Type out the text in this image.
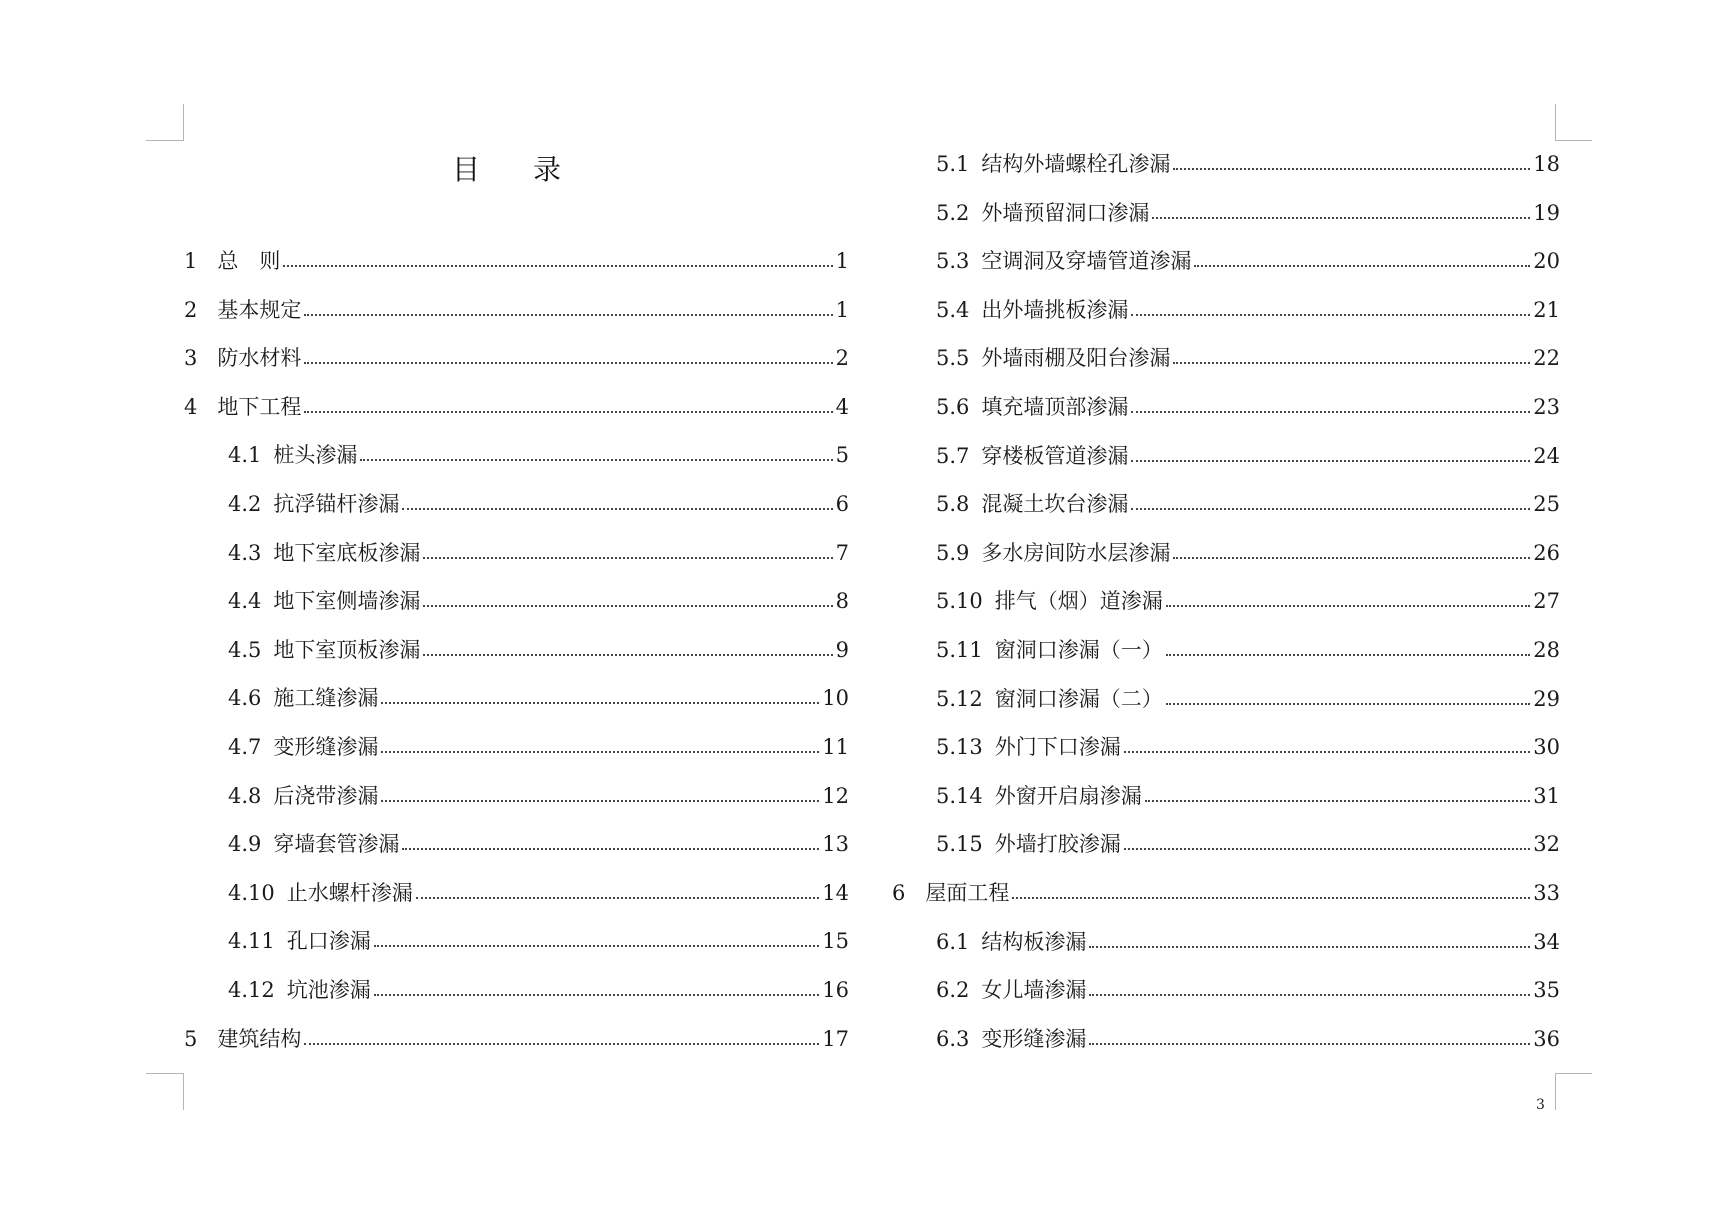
目 录
1 总　则	1
2 基本规定	1
3 防水材料	2
4 地下工程	4
4.1 桩头渗漏	5
4.2 抗浮锚杆渗漏	6
4.3 地下室底板渗漏	7
4.4 地下室侧墙渗漏	8
4.5 地下室顶板渗漏	9
4.6 施工缝渗漏	10
4.7 变形缝渗漏	11
4.8 后浇带渗漏	12
4.9 穿墙套管渗漏	13
4.10 止水螺杆渗漏	14
4.11 孔口渗漏	15
4.12 坑池渗漏	16
5 建筑结构	17
5.1 结构外墙螺栓孔渗漏	18
5.2 外墙预留洞口渗漏	19
5.3 空调洞及穿墙管道渗漏	20
5.4 出外墙挑板渗漏	21
5.5 外墙雨棚及阳台渗漏	22
5.6 填充墙顶部渗漏	23
5.7 穿楼板管道渗漏	24
5.8 混凝土坎台渗漏	25
5.9 多水房间防水层渗漏	26
5.10 排气（烟）道渗漏	27
5.11 窗洞口渗漏（一）	28
5.12 窗洞口渗漏（二）	29
5.13 外门下口渗漏	30
5.14 外窗开启扇渗漏	31
5.15 外墙打胶渗漏	32
6 屋面工程	33
6.1 结构板渗漏	34
6.2 女儿墙渗漏	35
6.3 变形缝渗漏	36
3
